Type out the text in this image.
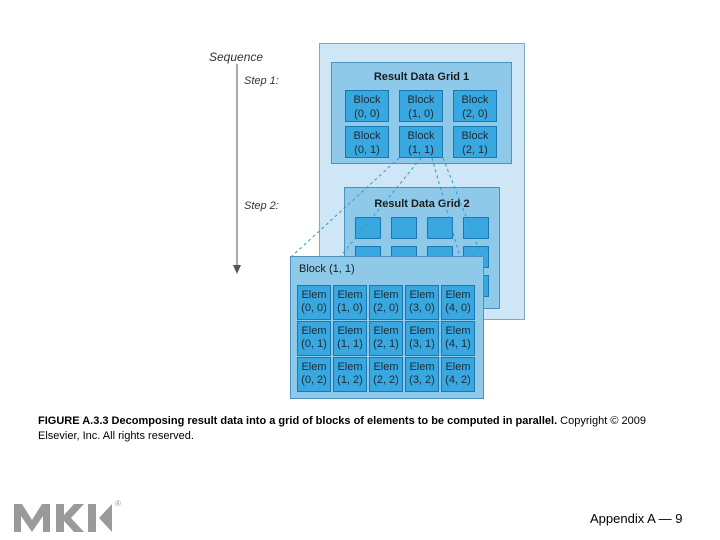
Sequence
Step 1:
Step 2:
Result Data Grid 1
Block
(0, 0)
Block
(1, 0)
Block
(2, 0)
Block
(0, 1)
Block
(1, 1)
Block
(2, 1)
Result Data Grid 2
Block (1, 1)
Elem
(0, 0)
Elem
(1, 0)
Elem
(2, 0)
Elem
(3, 0)
Elem
(4, 0)
Elem
(0, 1)
Elem
(1, 1)
Elem
(2, 1)
Elem
(3, 1)
Elem
(4, 1)
Elem
(0, 2)
Elem
(1, 2)
Elem
(2, 2)
Elem
(3, 2)
Elem
(4, 2)
FIGURE A.3.3 Decomposing result data into a grid of blocks of elements to be computed in parallel. Copyright © 2009 Elsevier, Inc. All rights reserved.
®
Appendix A — 9
